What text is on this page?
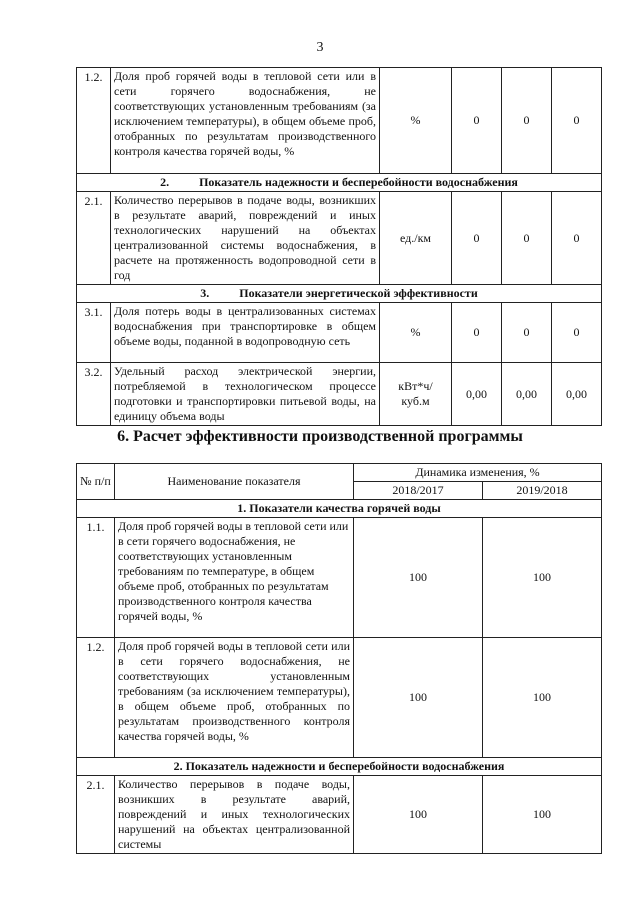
3
1.2.	Доля проб горячей воды в тепловой сети или в сети горячего водоснабжения, не соответствующих установленным требованиям (за исключением температуры), в общем объеме проб, отобранных по результатам производственного контроля качества горячей воды, %	%	0	0	0
2. Показатель надежности и бесперебойности водоснабжения					
2.1.	Количество перерывов в подаче воды, возникших в результате аварий, повреждений и иных технологических нарушений на объектах централизованной системы водоснабжения, в расчете на протяженность водопроводной сети в год	ед./км	0	0	0
3. Показатели энергетической эффективности					
3.1.	Доля потерь воды в централизованных системах водоснабжения при транспортировке в общем объеме воды, поданной в водопроводную сеть	%	0	0	0
3.2.	Удельный расход электрической энергии, потребляемой в технологическом процессе подготовки и транспортировки питьевой воды, на единицу объема воды	кВт*ч/ куб.м	0,00	0,00	0,00
6. Расчет эффективности производственной программы
№ п/п	Наименование показателя	Динамика изменения, %	
		2018/2017	2019/2018
1. Показатели качества горячей воды			
1.1.	Доля проб горячей воды в тепловой сети или в сети горячего водоснабжения, не соответствующих установленным требованиям по температуре, в общем объеме проб, отобранных по результатам производственного контроля качества горячей воды, %	100	100
1.2.	Доля проб горячей воды в тепловой сети или в сети горячего водоснабжения, не соответствующих установленным требованиям (за исключением температуры), в общем объеме проб, отобранных по результатам производственного контроля качества горячей воды, %	100	100
2. Показатель надежности и бесперебойности водоснабжения			
2.1.	Количество перерывов в подаче воды, возникших в результате аварий, повреждений и иных технологических нарушений на объектах централизованной системы	100	100
